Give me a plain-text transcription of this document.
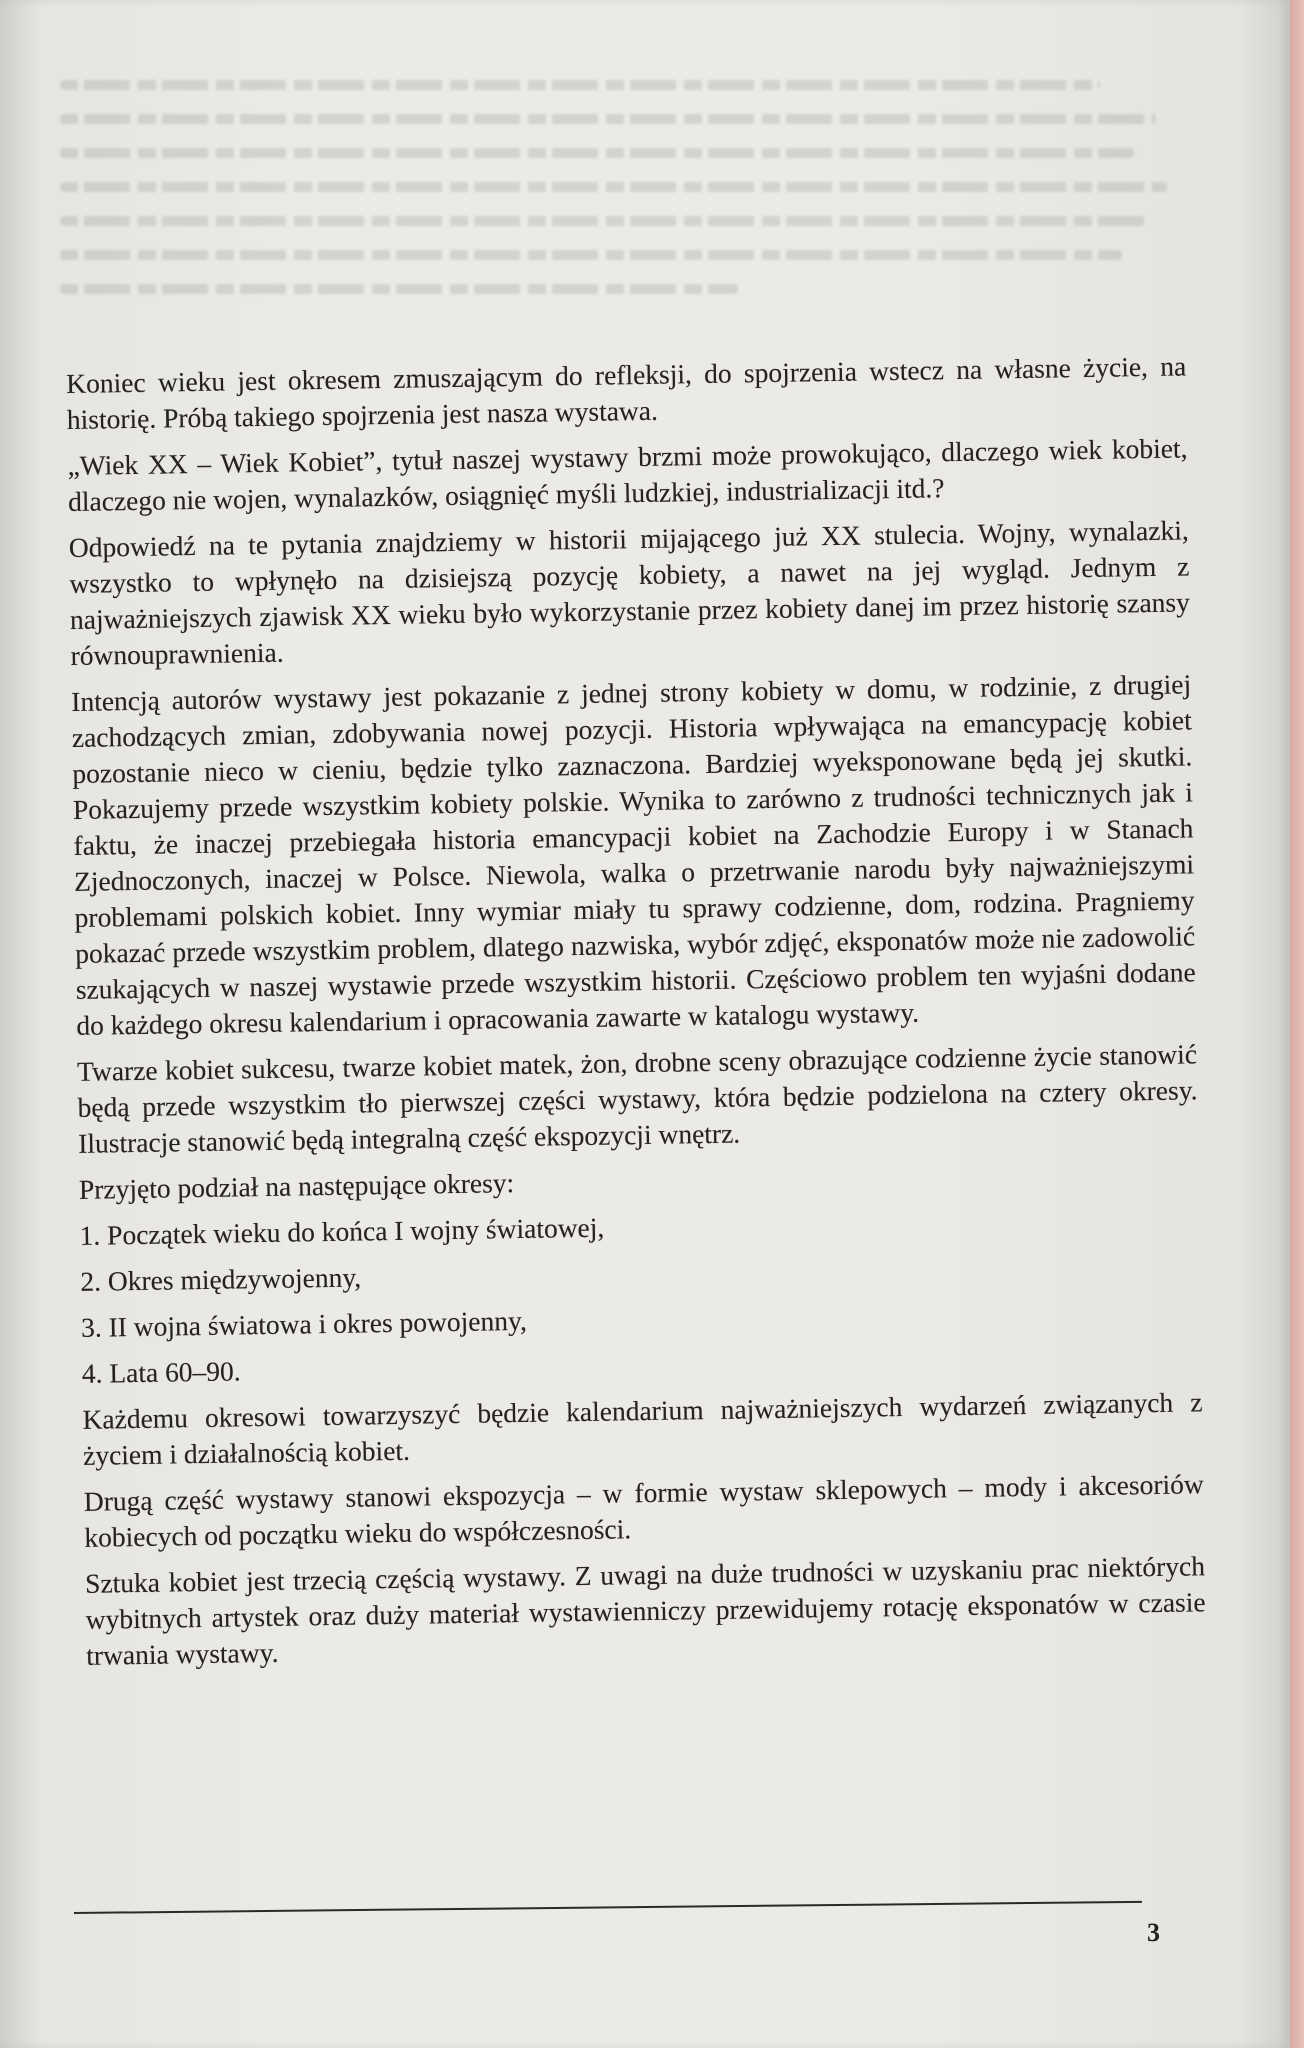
Koniec wieku jest okresem zmuszającym do refleksji, do spojrzenia wstecz na własne życie, na historię. Próbą takiego spojrzenia jest nasza wystawa.

„Wiek XX – Wiek Kobiet”, tytuł naszej wystawy brzmi może prowokująco, dlaczego wiek kobiet, dlaczego nie wojen, wynalazków, osiągnięć myśli ludzkiej, industrializacji itd.?

Odpowiedź na te pytania znajdziemy w historii mijającego już XX stulecia. Wojny, wynalazki, wszystko to wpłynęło na dzisiejszą pozycję kobiety, a nawet na jej wygląd. Jednym z najważniejszych zjawisk XX wieku było wykorzystanie przez kobiety danej im przez historię szansy równouprawnienia.

Intencją autorów wystawy jest pokazanie z jednej strony kobiety w domu, w rodzinie, z drugiej zachodzących zmian, zdobywania nowej pozycji. Historia wpływająca na emancypację kobiet pozostanie nieco w cieniu, będzie tylko zaznaczona. Bardziej wyeksponowane będą jej skutki. Pokazujemy przede wszystkim kobiety polskie. Wynika to zarówno z trudności technicznych jak i faktu, że inaczej przebiegała historia emancypacji kobiet na Zachodzie Europy i w Stanach Zjednoczonych, inaczej w Polsce. Niewola, walka o przetrwanie narodu były najważniejszymi problemami polskich kobiet. Inny wymiar miały tu sprawy codzienne, dom, rodzina. Pragniemy pokazać przede wszystkim problem, dlatego nazwiska, wybór zdjęć, eksponatów może nie zadowolić szukających w naszej wystawie przede wszystkim historii. Częściowo problem ten wyjaśni dodane do każdego okresu kalendarium i opracowania zawarte w katalogu wystawy.

Twarze kobiet sukcesu, twarze kobiet matek, żon, drobne sceny obrazujące codzienne życie stanowić będą przede wszystkim tło pierwszej części wystawy, która będzie podzielona na cztery okresy. Ilustracje stanowić będą integralną część ekspozycji wnętrz.

Przyjęto podział na następujące okresy:

1. Początek wieku do końca I wojny światowej,

2. Okres międzywojenny,

3. II wojna światowa i okres powojenny,

4. Lata 60–90.

Każdemu okresowi towarzyszyć będzie kalendarium najważniejszych wydarzeń związanych z życiem i działalnością kobiet.

Drugą część wystawy stanowi ekspozycja – w formie wystaw sklepowych – mody i akcesoriów kobiecych od początku wieku do współczesności.

Sztuka kobiet jest trzecią częścią wystawy. Z uwagi na duże trudności w uzyskaniu prac niektórych wybitnych artystek oraz duży materiał wystawienniczy przewidujemy rotację eksponatów w czasie trwania wystawy.

3
